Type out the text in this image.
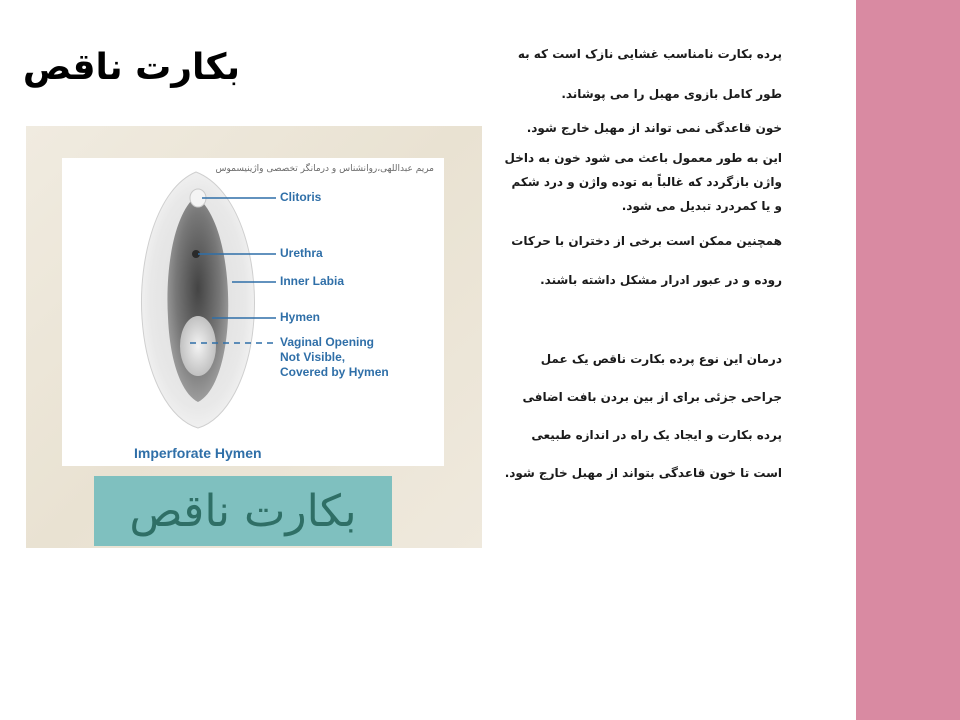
بکارت ناقص
مریم عبداللهی،روانشناس و درمانگر تخصصی واژینیسموس
Clitoris
Urethra
Inner Labia
Hymen
Vaginal Opening
Not Visible,
Covered by Hymen
Imperforate Hymen
بکارت ناقص

پرده بکارت نامناسب غشایی نازک است که به طور کامل بازوی مهبل را می پوشاند.

خون قاعدگی نمی تواند از مهبل خارج شود.

این به طور معمول باعث می شود خون به داخل واژن بازگردد که غالباً به توده واژن و درد شکم و یا کمردرد تبدیل می شود.

همچنین ممکن است برخی از دختران با حرکات روده و در عبور ادرار مشکل داشته باشند.

درمان این نوع پرده بکارت ناقص یک عمل جراحی جزئی برای از بین بردن بافت اضافی پرده بکارت و ایجاد یک راه در اندازه طبیعی است تا خون قاعدگی بتواند از مهبل خارج شود.
